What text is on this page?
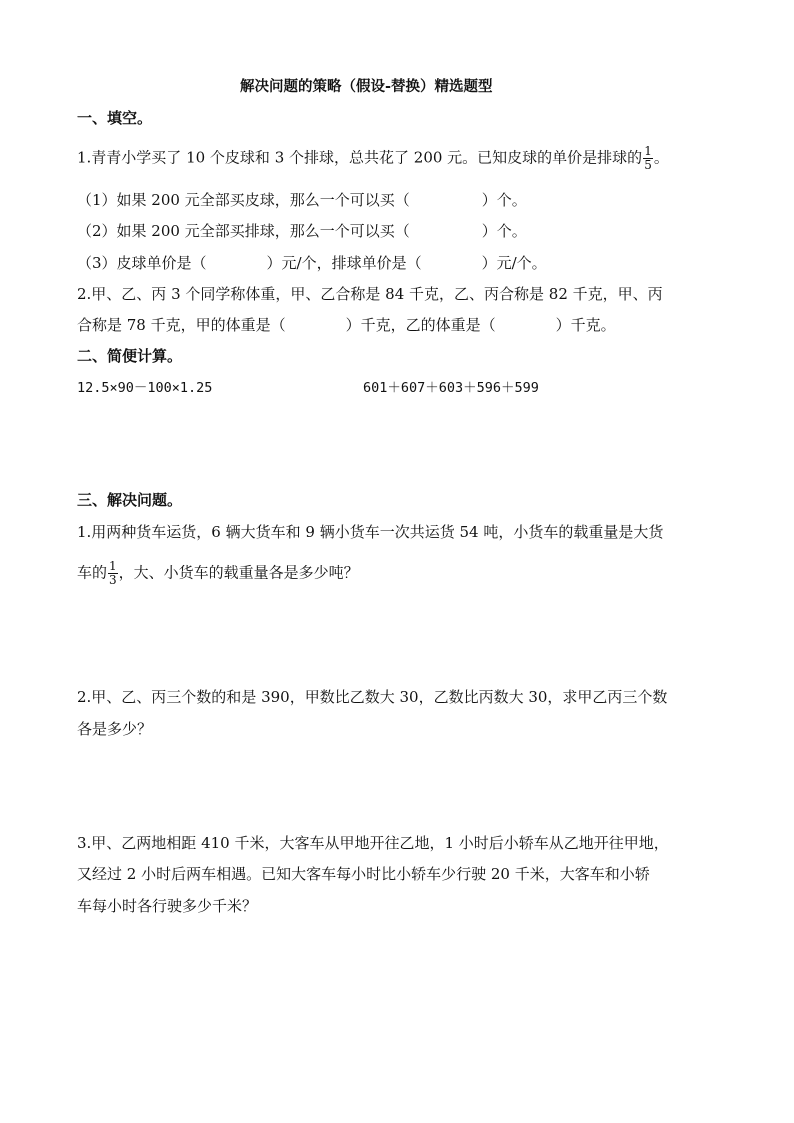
解决问题的策略（假设-替换）精选题型
一、填空。
1.青青小学买了 10 个皮球和 3 个排球，总共花了 200 元。已知皮球的单价是排球的 $\frac{1}{5}$ 。
（1）如果 200 元全部买皮球，那么一个可以买（	）个。
（2）如果 200 元全部买排球，那么一个可以买（	）个。
（3）皮球单价是（	）元/个，排球单价是（	）元/个。
2.甲、乙、丙 3 个同学称体重，甲、乙合称是 84 千克，乙、丙合称是 82 千克，甲、丙
合称是 78 千克，甲的体重是（	）千克，乙的体重是（	）千克。
二、简便计算。
12.5×90－100×1.25	601＋607＋603＋596＋599
三、解决问题。
1.用两种货车运货，6 辆大货车和 9 辆小货车一次共运货 54 吨，小货车的载重量是大货
车的 $\frac{1}{3}$ ，大、小货车的载重量各是多少吨？
2.甲、乙、丙三个数的和是 390，甲数比乙数大 30，乙数比丙数大 30，求甲乙丙三个数
各是多少？
3.甲、乙两地相距 410 千米，大客车从甲地开往乙地，1 小时后小轿车从乙地开往甲地，
又经过 2 小时后两车相遇。已知大客车每小时比小轿车少行驶 20 千米，大客车和小轿
车每小时各行驶多少千米？
